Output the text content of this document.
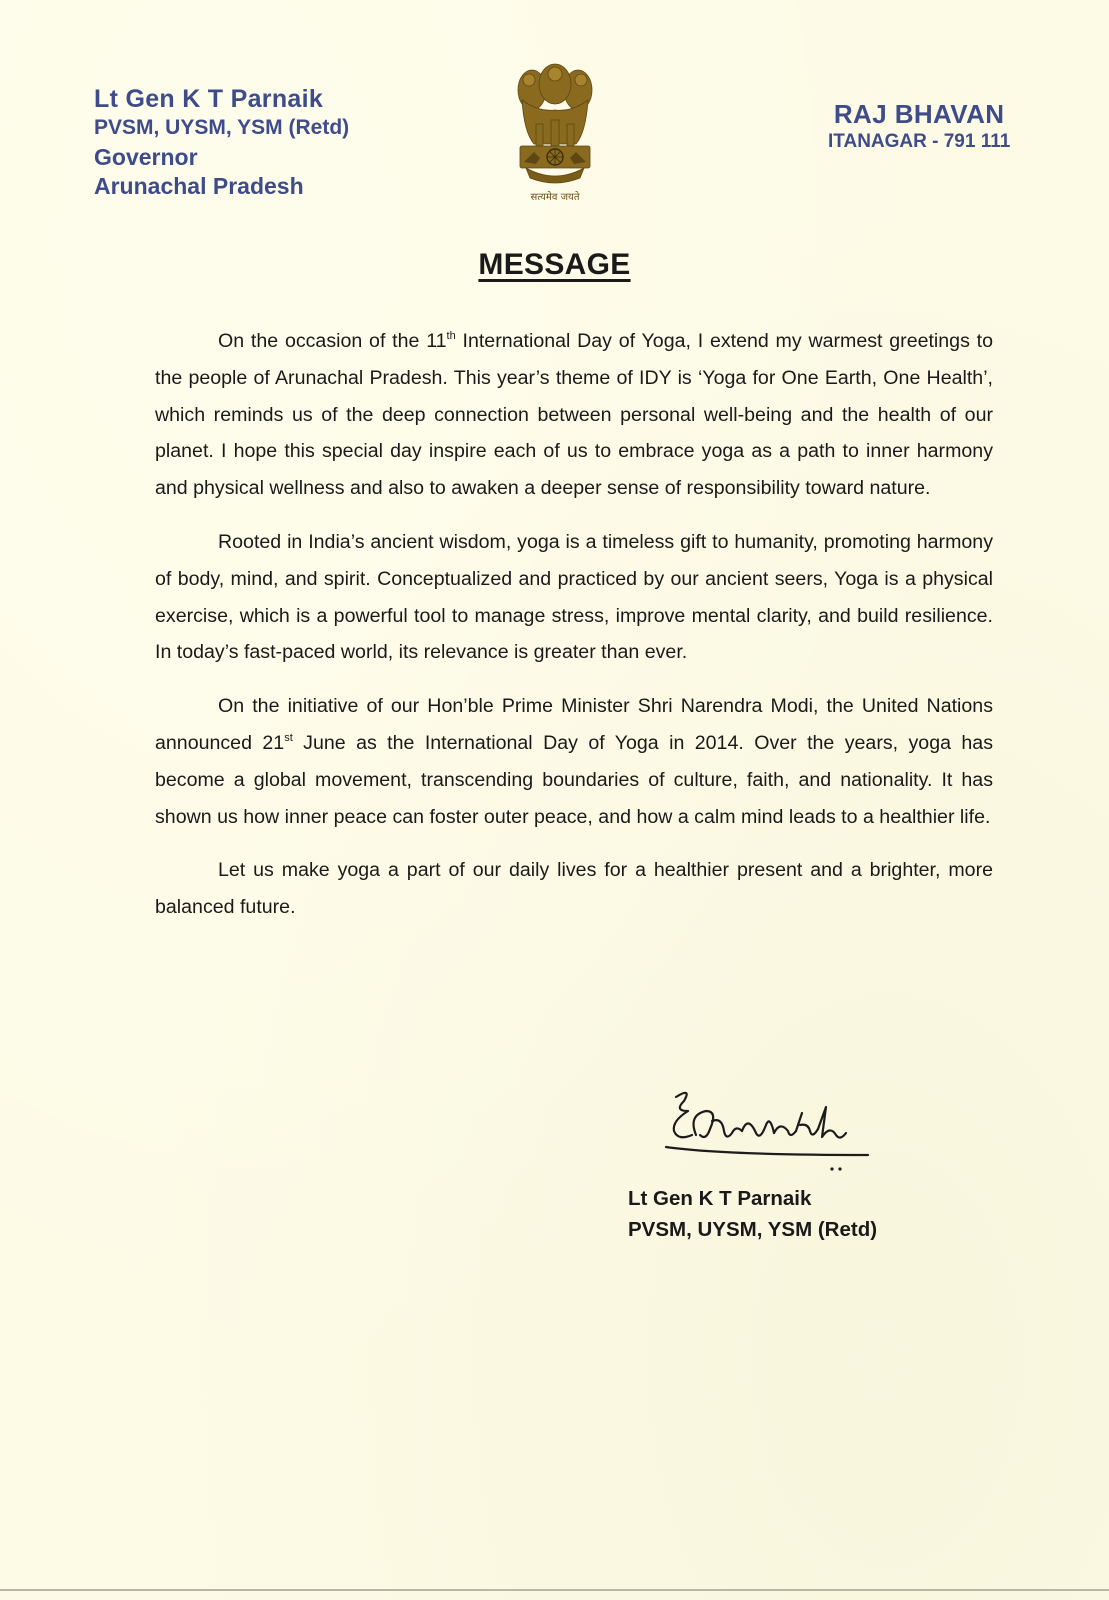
Lt Gen K T Parnaik
PVSM, UYSM, YSM (Retd)
Governor
Arunachal Pradesh	सत्यमेव जयते
RAJ BHAVAN
ITANAGAR - 791 111
MESSAGE

On the occasion of the 11th International Day of Yoga, I extend my warmest greetings to the people of Arunachal Pradesh. This year’s theme of IDY is ‘Yoga for One Earth, One Health’, which reminds us of the deep connection between personal well-being and the health of our planet. I hope this special day inspire each of us to embrace yoga as a path to inner harmony and physical wellness and also to awaken a deeper sense of responsibility toward nature.

Rooted in India’s ancient wisdom, yoga is a timeless gift to humanity, promoting harmony of body, mind, and spirit. Conceptualized and practiced by our ancient seers, Yoga is a physical exercise, which is a powerful tool to manage stress, improve mental clarity, and build resilience. In today’s fast-paced world, its relevance is greater than ever.

On the initiative of our Hon’ble Prime Minister Shri Narendra Modi, the United Nations announced 21st June as the International Day of Yoga in 2014. Over the years, yoga has become a global movement, transcending boundaries of culture, faith, and nationality. It has shown us how inner peace can foster outer peace, and how a calm mind leads to a healthier life.

Let us make yoga a part of our daily lives for a healthier present and a brighter, more balanced future.

Lt Gen K T Parnaik
PVSM, UYSM, YSM (Retd)
